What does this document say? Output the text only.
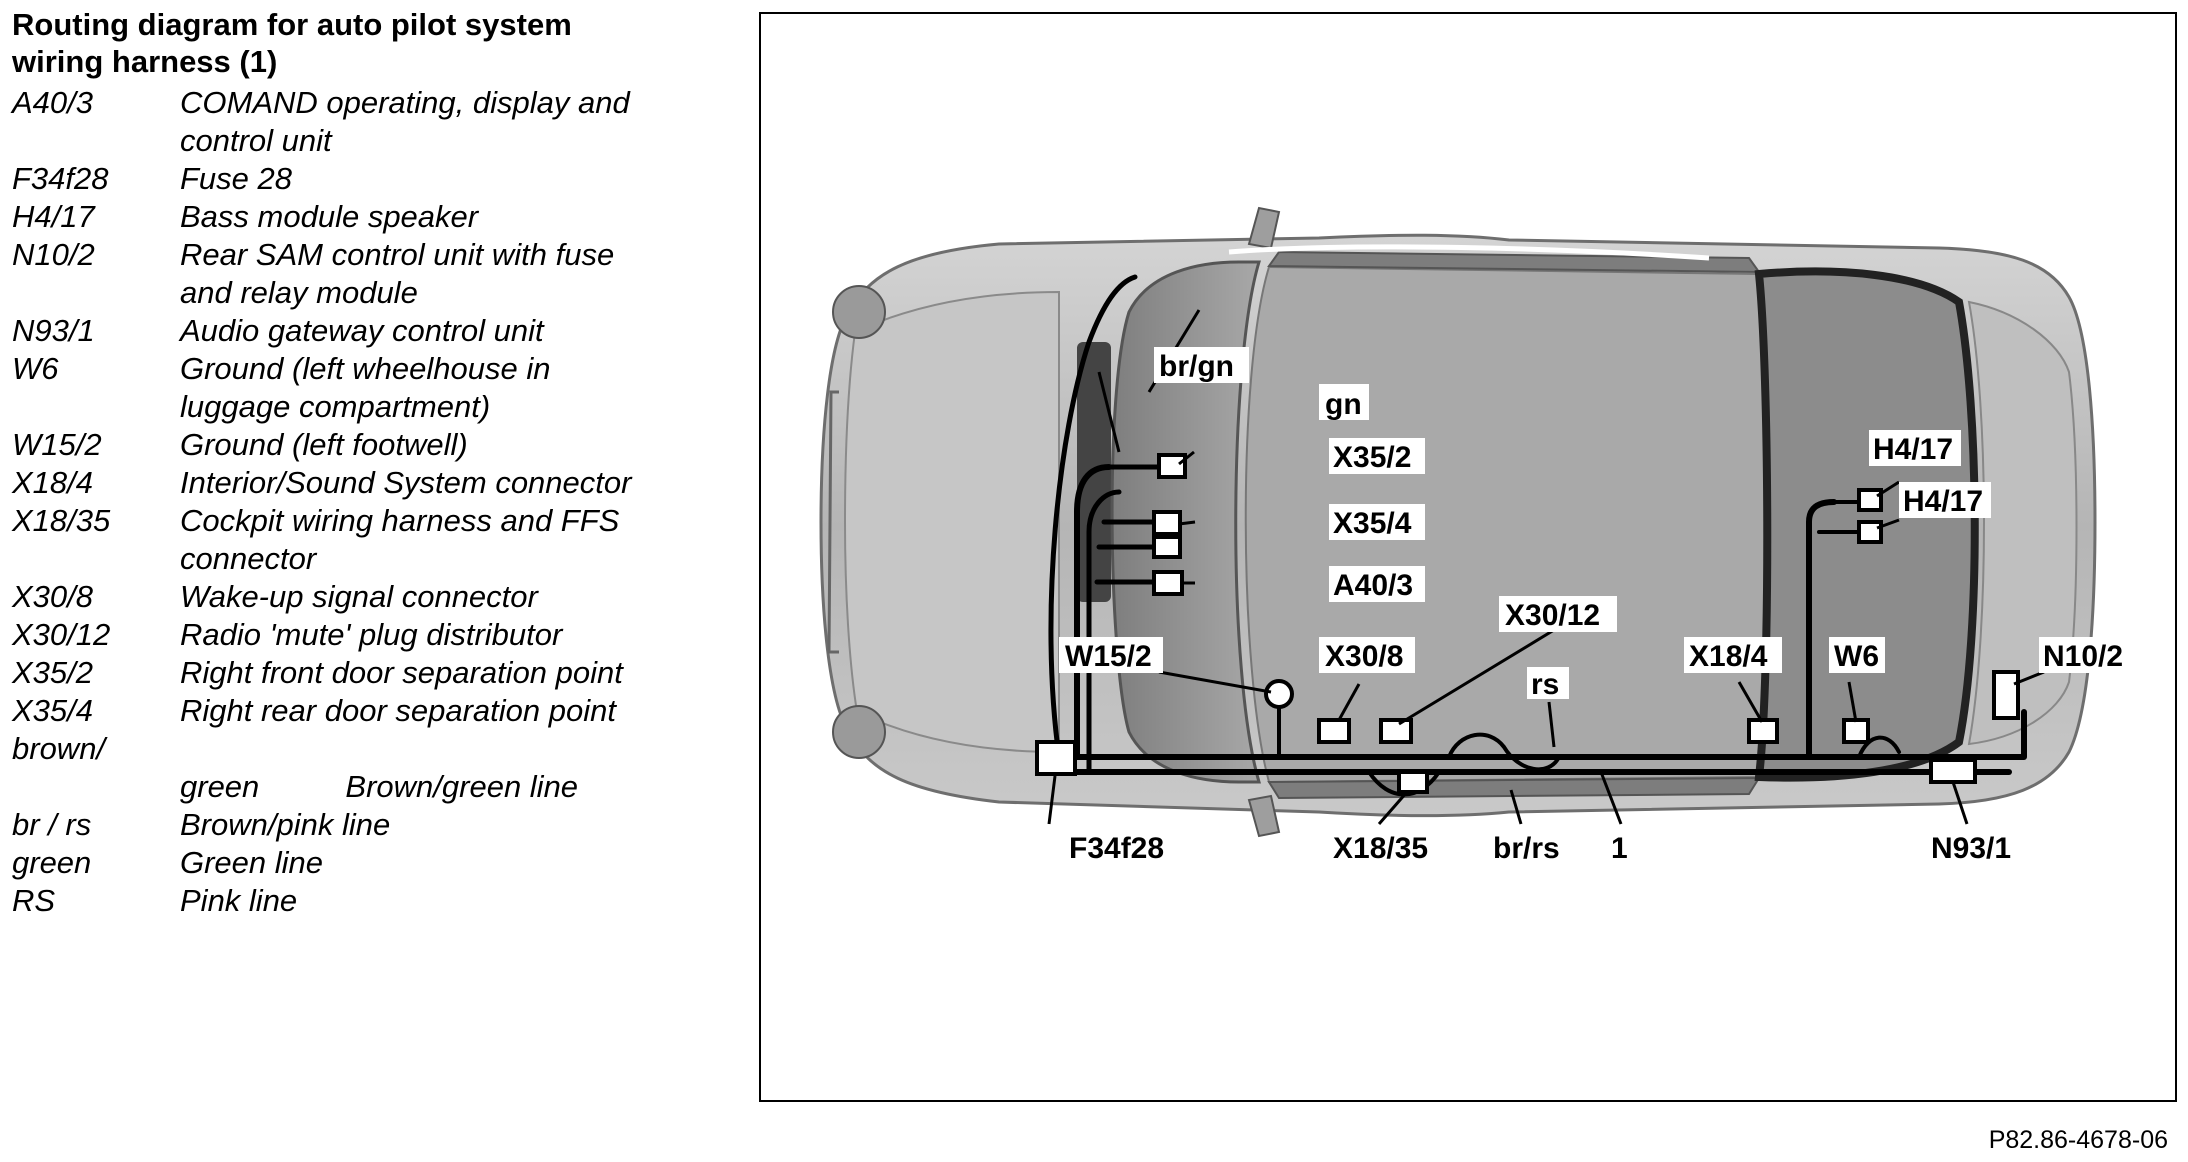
Routing diagram for auto pilot system
wiring harness (1)
A40/3	COMAND operating, display and
control unit
F34f28 Fuse 28
H4/17	Bass module speaker
N10/2	Rear SAM control unit with fuse
and relay module
N93/1	Audio gateway control unit
W6	Ground (left wheelhouse in
luggage compartment)
W15/2	Ground (left footwell)
X18/4	Interior/Sound System connector
X18/35 Cockpit wiring harness and FFS
connector
X30/8	Wake-up signal connector
X30/12 Radio 'mute' plug distributor
X35/2	Right front door separation point
X35/4	Right rear door separation point
brown/
green          Brown/green line
br / rs	Brown/pink line
green	Green line
RS	Pink line
br/gn
gn
X35/2
X35/4
A40/3
W15/2	X30/8
X30/12
rs
X18/4 W6	N10/2
H4/17
H4/17
F34f28	X18/35 br/rs 1	N93/1
P82.86-4678-06
